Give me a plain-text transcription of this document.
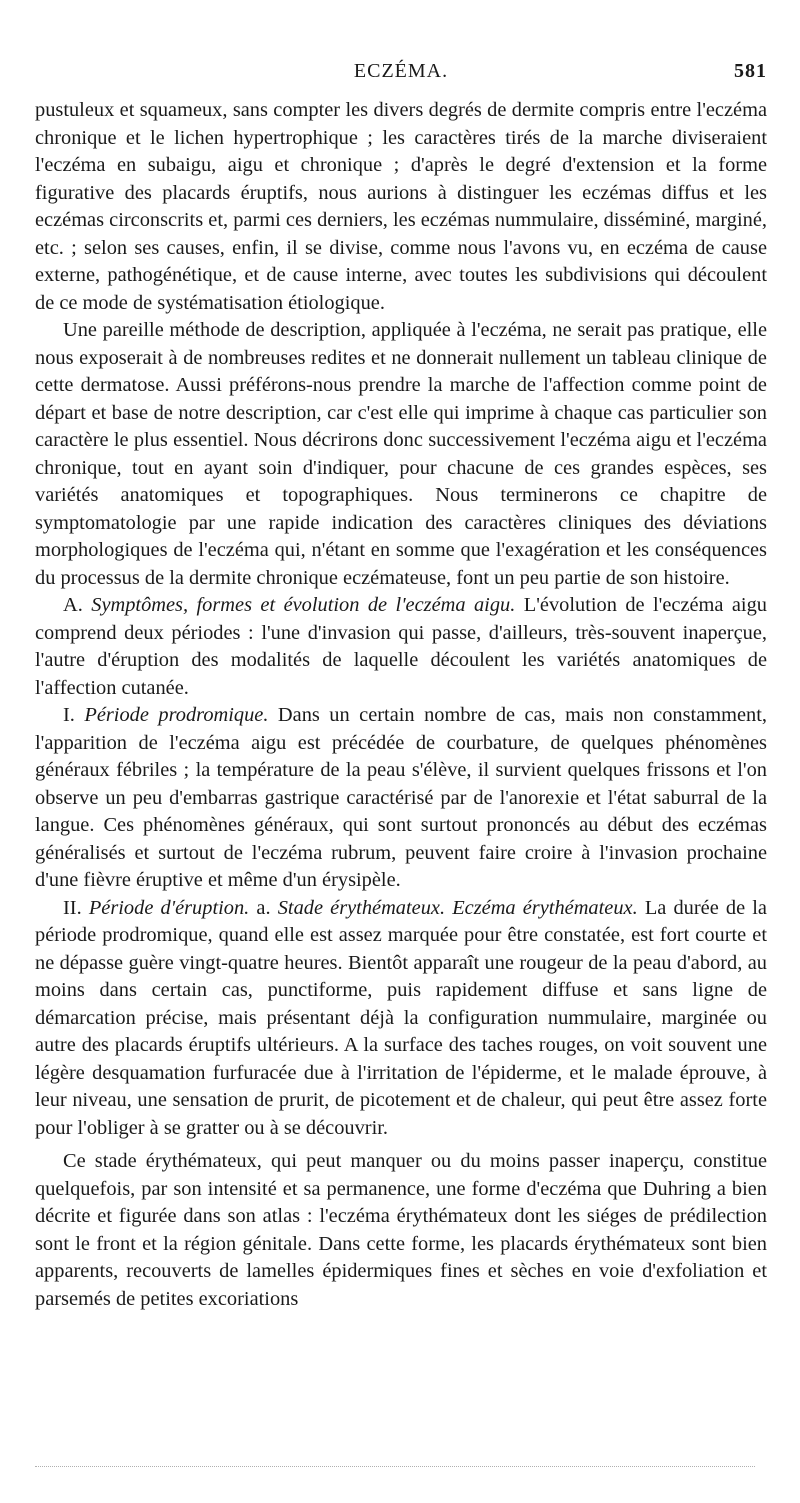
ECZÉMA.	581

pustuleux et squameux, sans compter les divers degrés de dermite compris entre l'eczéma chronique et le lichen hypertrophique ; les caractères tirés de la marche diviseraient l'eczéma en subaigu, aigu et chronique ; d'après le degré d'extension et la forme figurative des placards éruptifs, nous aurions à distinguer les eczémas diffus et les eczémas circonscrits et, parmi ces derniers, les eczémas nummulaire, disséminé, marginé, etc. ; selon ses causes, enfin, il se divise, comme nous l'avons vu, en eczéma de cause externe, pathogénétique, et de cause interne, avec toutes les subdivisions qui découlent de ce mode de systématisation étiologique.

Une pareille méthode de description, appliquée à l'eczéma, ne serait pas pratique, elle nous exposerait à de nombreuses redites et ne donnerait nullement un tableau clinique de cette dermatose. Aussi préférons-nous prendre la marche de l'affection comme point de départ et base de notre description, car c'est elle qui imprime à chaque cas particulier son caractère le plus essentiel. Nous décrirons donc successivement l'eczéma aigu et l'eczéma chronique, tout en ayant soin d'indiquer, pour chacune de ces grandes espèces, ses variétés anatomiques et topographiques. Nous terminerons ce chapitre de symptomatologie par une rapide indication des caractères cliniques des déviations morphologiques de l'eczéma qui, n'étant en somme que l'exagération et les conséquences du processus de la dermite chronique eczémateuse, font un peu partie de son histoire.

A. Symptômes, formes et évolution de l'eczéma aigu. L'évolution de l'eczéma aigu comprend deux périodes : l'une d'invasion qui passe, d'ailleurs, très-souvent inaperçue, l'autre d'éruption des modalités de laquelle découlent les variétés anatomiques de l'affection cutanée.

I. Période prodromique. Dans un certain nombre de cas, mais non constamment, l'apparition de l'eczéma aigu est précédée de courbature, de quelques phénomènes généraux fébriles ; la température de la peau s'élève, il survient quelques frissons et l'on observe un peu d'embarras gastrique caractérisé par de l'anorexie et l'état saburral de la langue. Ces phénomènes généraux, qui sont surtout prononcés au début des eczémas généralisés et surtout de l'eczéma rubrum, peuvent faire croire à l'invasion prochaine d'une fièvre éruptive et même d'un érysipèle.

II. Période d'éruption. a. Stade érythémateux. Eczéma érythémateux. La durée de la période prodromique, quand elle est assez marquée pour être constatée, est fort courte et ne dépasse guère vingt-quatre heures. Bientôt apparaît une rougeur de la peau d'abord, au moins dans certain cas, punctiforme, puis rapidement diffuse et sans ligne de démarcation précise, mais présentant déjà la configuration nummulaire, marginée ou autre des placards éruptifs ultérieurs. A la surface des taches rouges, on voit souvent une légère desquamation furfuracée due à l'irritation de l'épiderme, et le malade éprouve, à leur niveau, une sensation de prurit, de picotement et de chaleur, qui peut être assez forte pour l'obliger à se gratter ou à se découvrir.

Ce stade érythémateux, qui peut manquer ou du moins passer inaperçu, constitue quelquefois, par son intensité et sa permanence, une forme d'eczéma que Duhring a bien décrite et figurée dans son atlas : l'eczéma érythémateux dont les siéges de prédilection sont le front et la région génitale. Dans cette forme, les placards érythémateux sont bien apparents, recouverts de lamelles épidermiques fines et sèches en voie d'exfoliation et parsemés de petites excoriations
